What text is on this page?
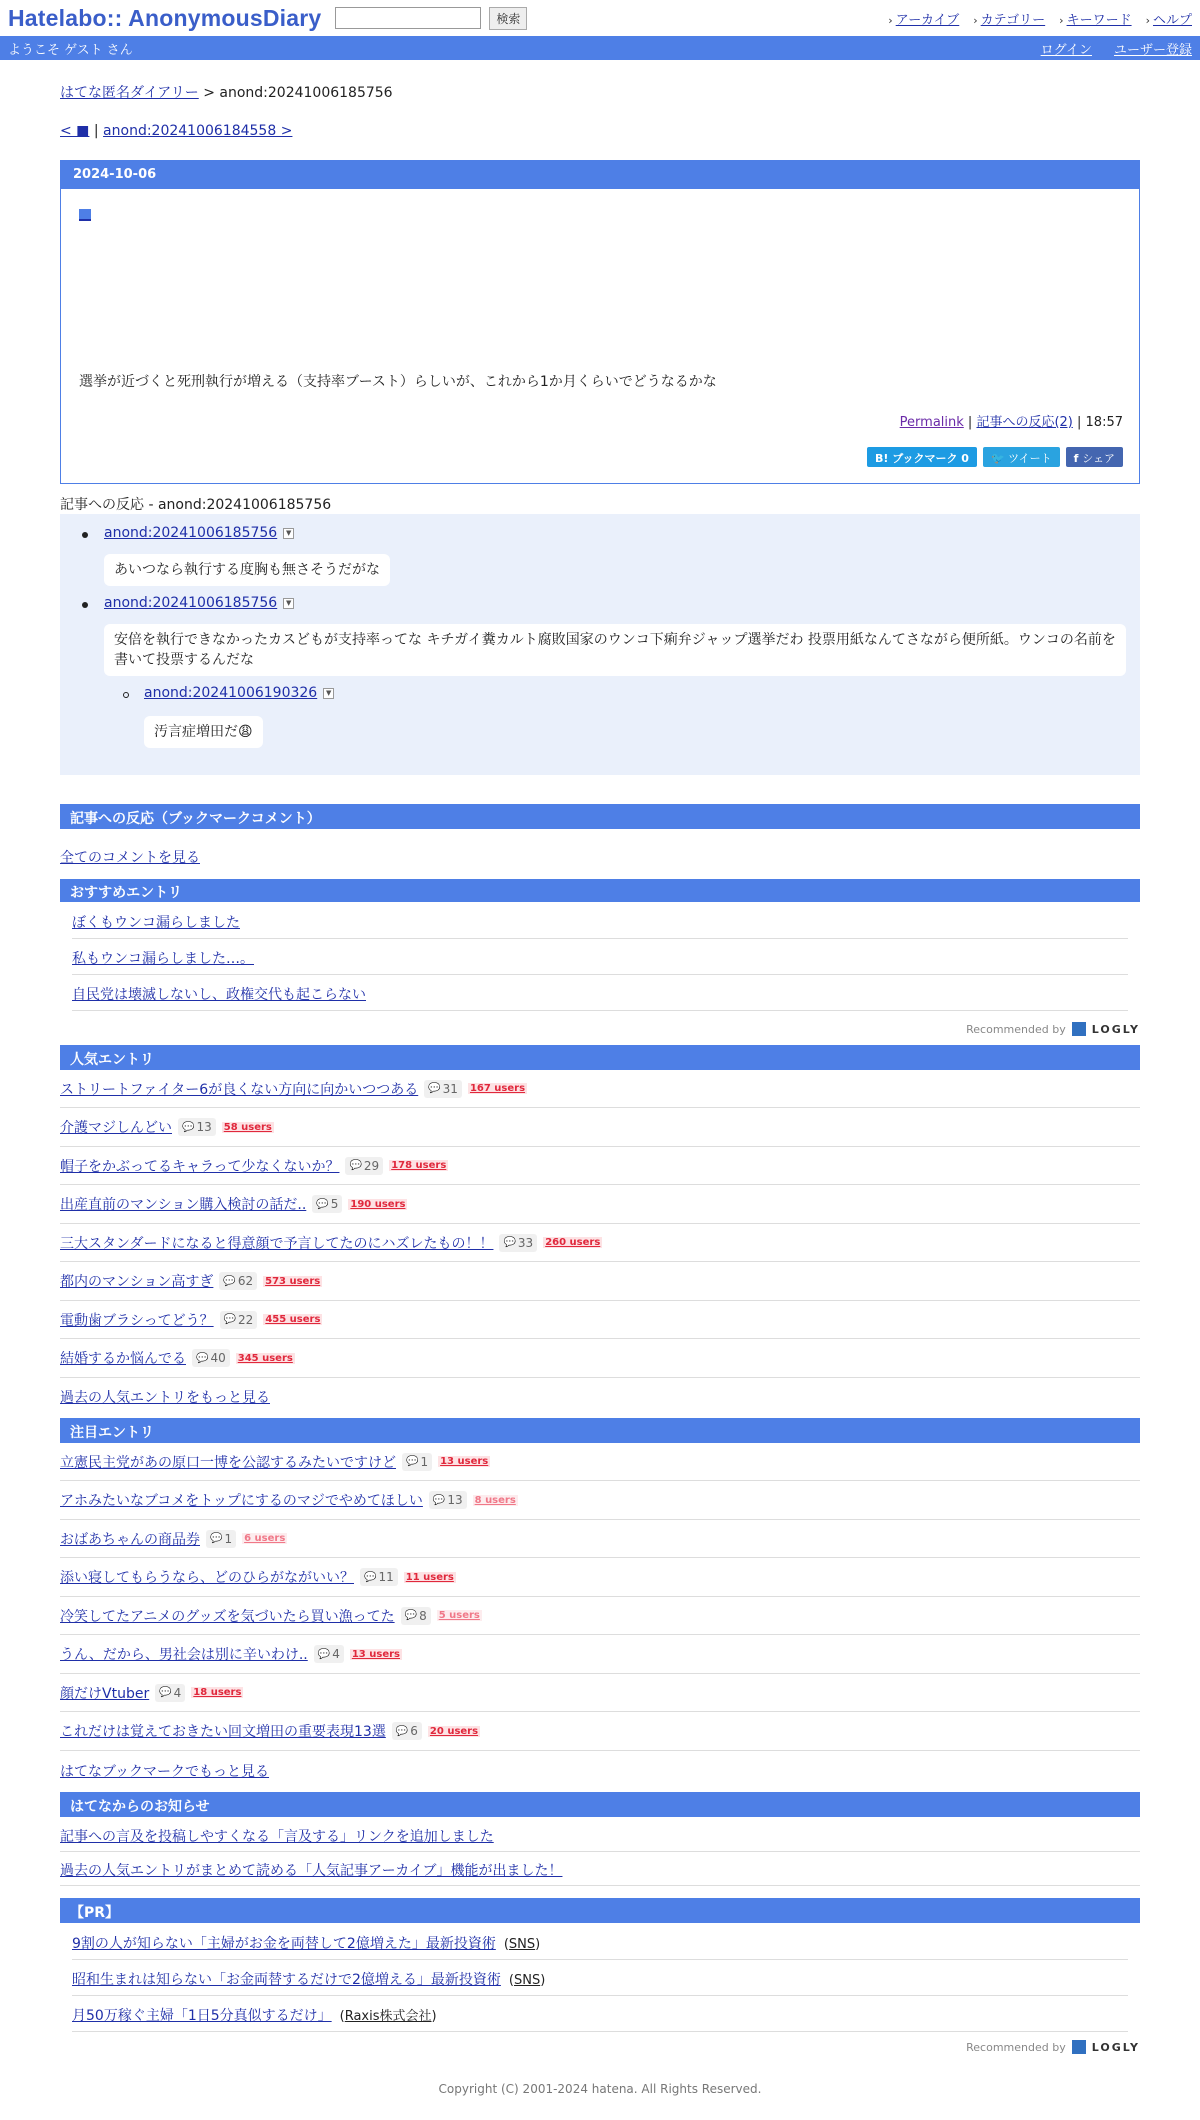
Hatelabo:: AnonymousDiary	検索	› アーカイブ › カテゴリー › キーワード › ヘルプ
ようこそ ゲスト さん	ログイン ユーザー登録
はてな匿名ダイアリー > anond:20241006185756
< ■ | anond:20241006184558 >
2024-10-06
選挙が近づくと死刑執行が増える（支持率ブースト）らしいが、これから1か月くらいでどうなるかな
Permalink | 記事への反応(2) | 18:57
B! ブックマーク 0	🐦 ツイート	f シェア
記事への反応 - anond:20241006185756
anond:20241006185756 ▼
あいつなら執行する度胸も無さそうだがな
anond:20241006185756 ▼
安倍を執行できなかったカスどもが支持率ってな キチガイ糞カルト腐敗国家のウンコ下痢弁ジャップ選挙だわ 投票用紙なんてさながら便所紙。ウンコの名前を書いて投票するんだな
anond:20241006190326 ▼
汚言症増田だ😩
記事への反応（ブックマークコメント）
全てのコメントを見る
おすすめエントリ
ぼくもウンコ漏らしました
私もウンコ漏らしました…。
自民党は壊滅しないし、政権交代も起こらない
Recommended by LOGLY
人気エントリ
ストリートファイター6が良くない方向に向かいつつある 💬 31 167 users
介護マジしんどい 💬 13 58 users
帽子をかぶってるキャラって少なくないか？ 💬 29 178 users
出産直前のマンション購入検討の話だ.. 💬 5 190 users
三大スタンダードになると得意顔で予言してたのにハズレたもの！！ 💬 33 260 users
都内のマンション高すぎ 💬 62 573 users
電動歯ブラシってどう？ 💬 22 455 users
結婚するか悩んでる 💬 40 345 users
過去の人気エントリをもっと見る
注目エントリ
立憲民主党があの原口一博を公認するみたいですけど 💬 1 13 users
アホみたいなブコメをトップにするのマジでやめてほしい 💬 13 8 users
おばあちゃんの商品券 💬 1 6 users
添い寝してもらうなら、どのひらがながいい？ 💬 11 11 users
冷笑してたアニメのグッズを気づいたら買い漁ってた 💬 8 5 users
うん、だから、男社会は別に辛いわけ.. 💬 4 13 users
顔だけVtuber 💬 4 18 users
これだけは覚えておきたい回文増田の重要表現13選 💬 6 20 users
はてなブックマークでもっと見る
はてなからのお知らせ
記事への言及を投稿しやすくなる「言及する」リンクを追加しました
過去の人気エントリがまとめて読める「人気記事アーカイブ」機能が出ました！
【PR】
9割の人が知らない「主婦がお金を両替して2億増えた」最新投資術 (SNS)
昭和生まれは知らない「お金両替するだけで2億増える」最新投資術 (SNS)
月50万稼ぐ主婦「1日5分真似するだけ」 (Raxis株式会社)
Recommended by LOGLY
Copyright (C) 2001-2024 hatena. All Rights Reserved.
